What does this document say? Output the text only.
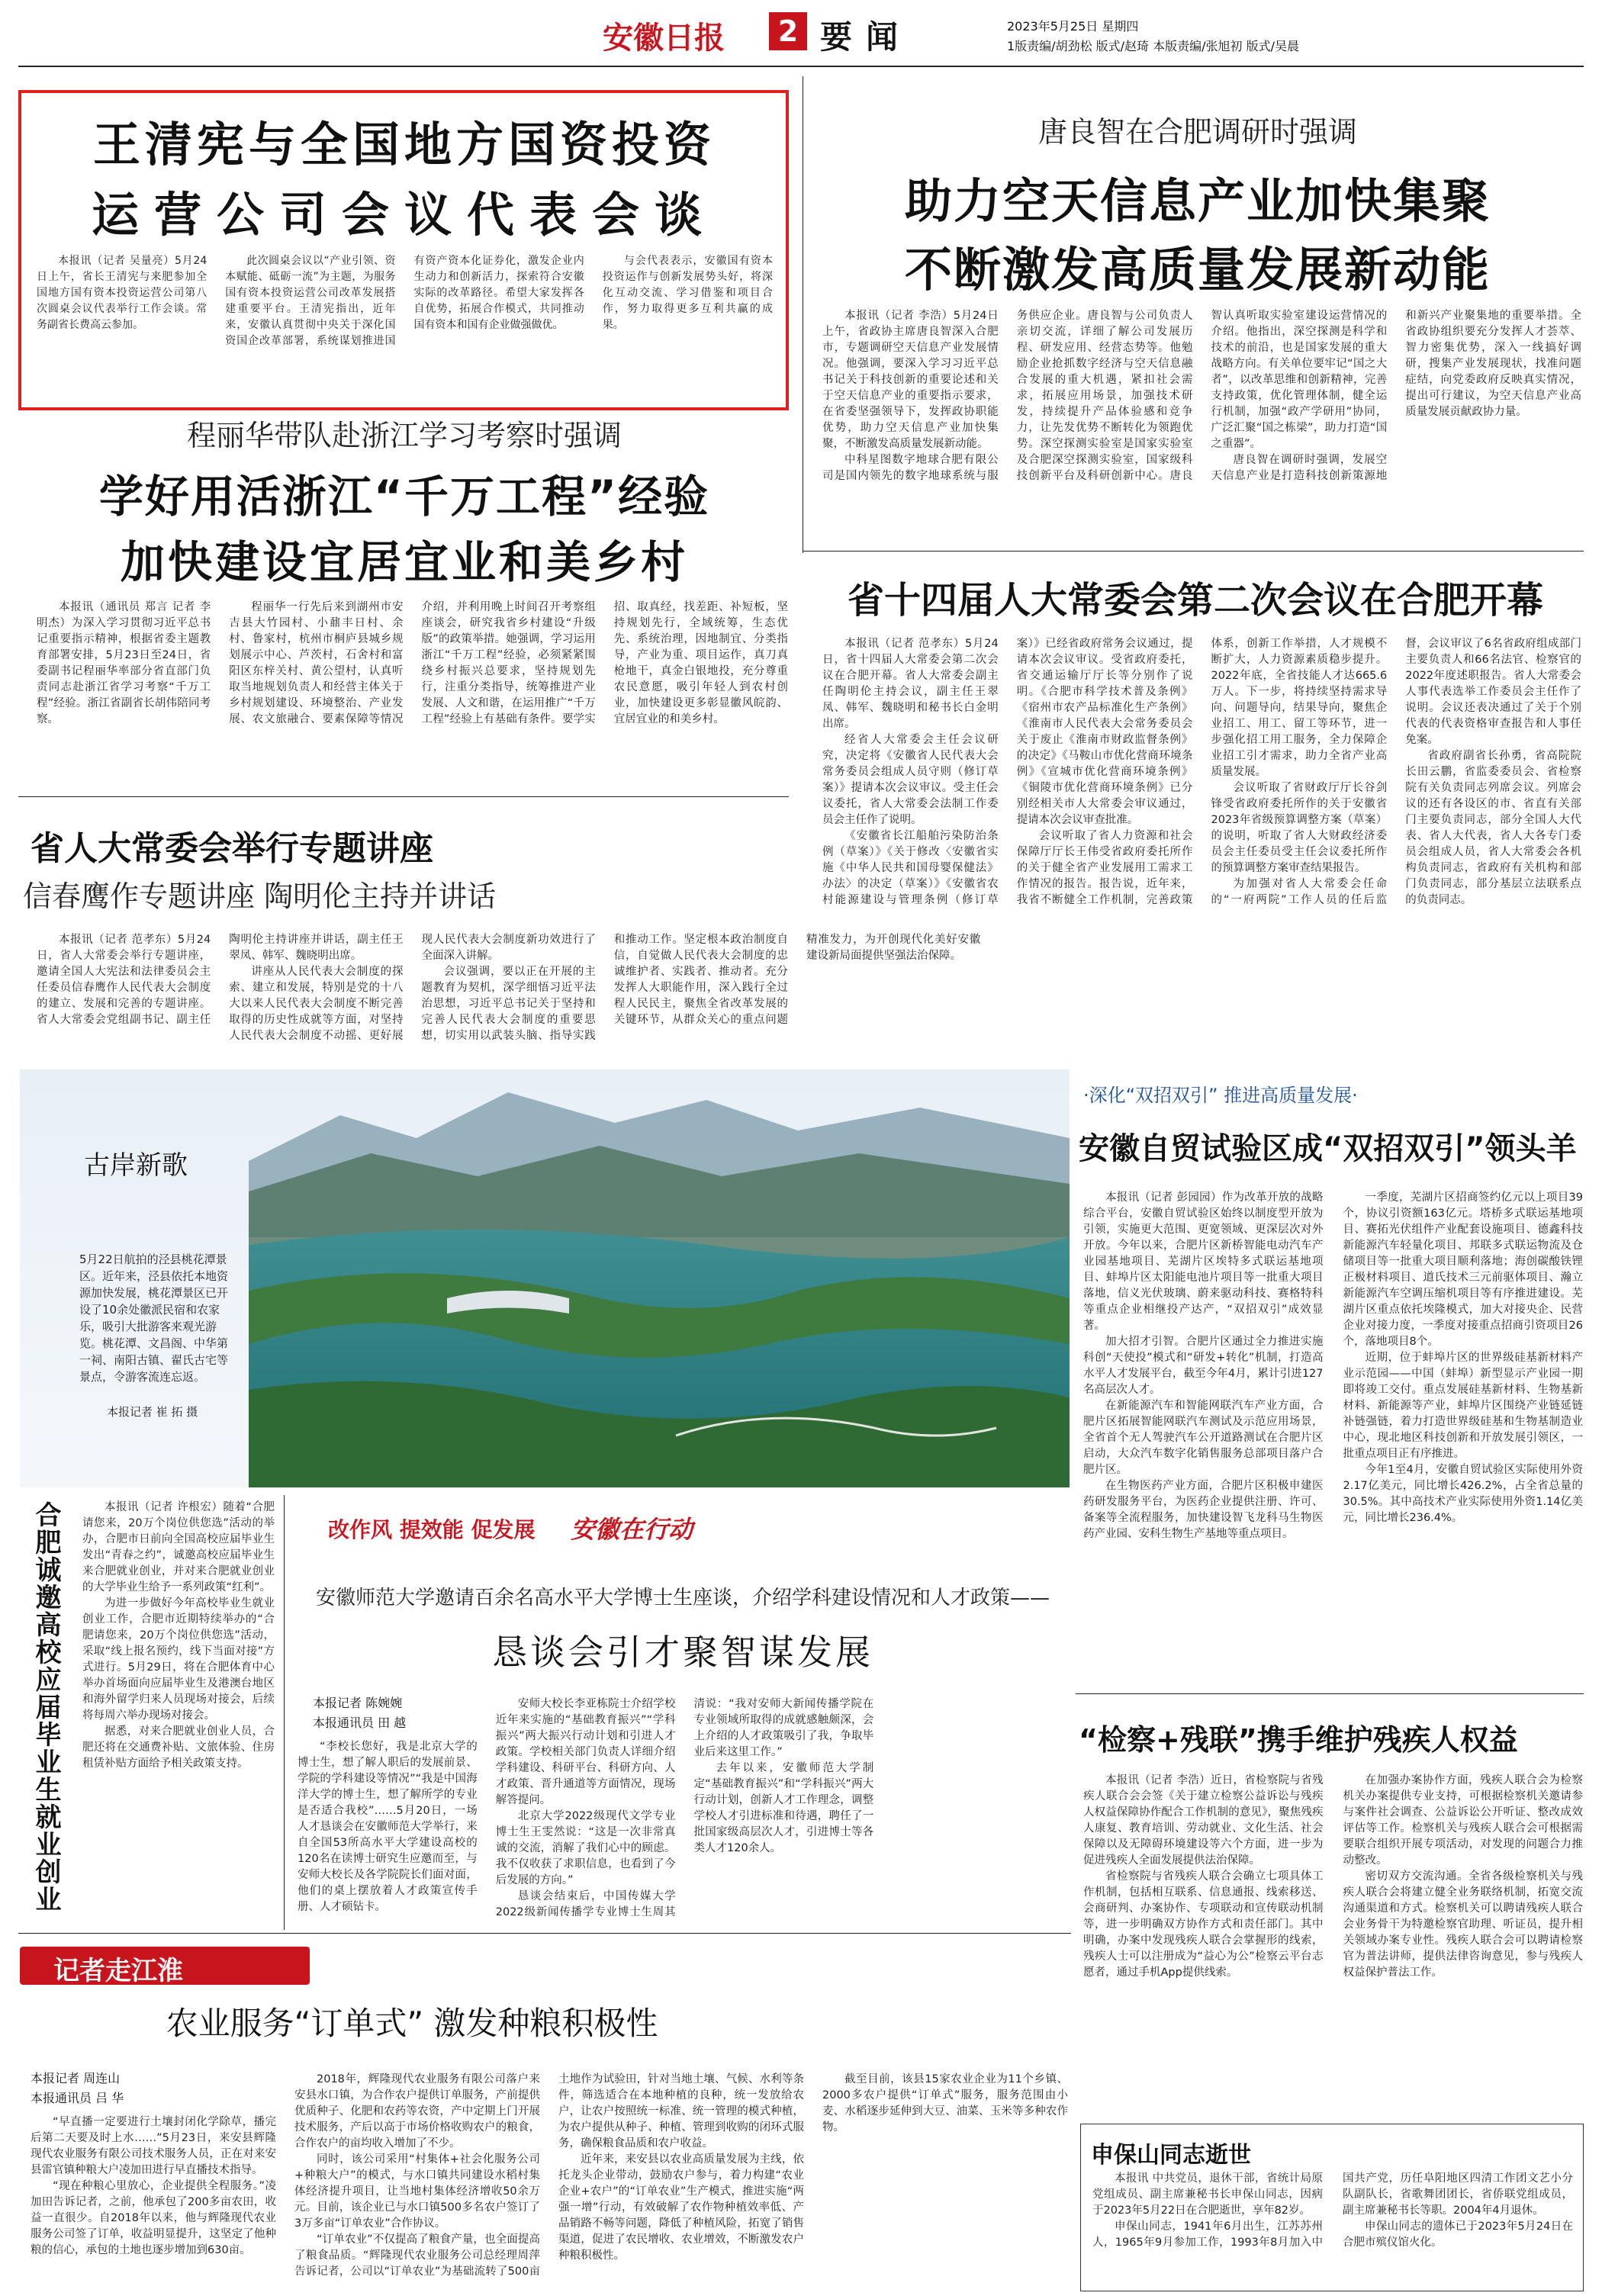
安徽日报	2 要闻	2023年5月25日 星期四
1版责编/胡劲松 版式/赵琦 本版责编/张旭初 版式/吴晨
王清宪与全国地方国资投资
运营公司会议代表会谈

本报讯（记者 吴量亮）5月24日上午，省长王清宪与来肥参加全国地方国有资本投资运营公司第八次圆桌会议代表举行工作会谈。常务副省长费高云参加。

此次圆桌会议以“产业引领、资本赋能、砥砺一流”为主题，为服务国有资本投资运营公司改革发展搭建重要平台。王清宪指出，近年来，安徽认真贯彻中央关于深化国资国企改革部署，系统谋划推进国有资产资本化证券化，激发企业内生动力和创新活力，探索符合安徽实际的改革路径。希望大家发挥各自优势，拓展合作模式，共同推动国有资本和国有企业做强做优。

与会代表表示，安徽国有资本投资运作与创新发展势头好，将深化互动交流、学习借鉴和项目合作，努力取得更多互利共赢的成果。

唐良智在合肥调研时强调
助力空天信息产业加快集聚
不断激发高质量发展新动能

本报讯（记者 李浩）5月24日上午，省政协主席唐良智深入合肥市，专题调研空天信息产业发展情况。他强调，要深入学习习近平总书记关于科技创新的重要论述和关于空天信息产业的重要指示要求，在省委坚强领导下，发挥政协职能优势，助力空天信息产业加快集聚，不断激发高质量发展新动能。

中科星图数字地球合肥有限公司是国内领先的数字地球系统与服务供应企业。唐良智与公司负责人亲切交流，详细了解公司发展历程、研发应用、经营态势等。他勉励企业抢抓数字经济与空天信息融合发展的重大机遇，紧扣社会需求，拓展应用场景，加强技术研发，持续提升产品体验感和竞争力，让先发优势不断转化为领跑优势。深空探测实验室是国家实验室及合肥深空探测实验室，国家级科技创新平台及科研创新中心。唐良智认真听取实验室建设运营情况的介绍。他指出，深空探测是科学和技术的前沿，也是国家发展的重大战略方向。有关单位要牢记“国之大者”，以改革思维和创新精神，完善支持政策，优化管理体制，健全运行机制，加强“政产学研用”协同，广泛汇聚“国之栋梁”，助力打造“国之重器”。

唐良智在调研时强调，发展空天信息产业是打造科技创新策源地和新兴产业聚集地的重要举措。全省政协组织要充分发挥人才荟萃、智力密集优势，深入一线搞好调研，搜集产业发展现状，找准问题症结，向党委政府反映真实情况，提出可行建议，为空天信息产业高质量发展贡献政协力量。

程丽华带队赴浙江学习考察时强调
学好用活浙江“千万工程”经验
加快建设宜居宜业和美乡村

本报讯（通讯员 郑言 记者 李明杰）为深入学习贯彻习近平总书记重要指示精神，根据省委主题教育部署安排，5月23日至24日，省委副书记程丽华率部分省直部门负责同志赴浙江省学习考察“千万工程”经验。浙江省副省长胡伟陪同考察。

程丽华一行先后来到湖州市安吉县大竹园村、小鼐丰日村、余村、鲁家村，杭州市桐庐县城乡规划展示中心、芦茨村，石舍村和富阳区东梓关村、黄公望村，认真听取当地规划负责人和经营主体关于乡村规划建设、环境整治、产业发展、农文旅融合、要素保障等情况介绍，并利用晚上时间召开考察组座谈会，研究我省乡村建设“升级版”的政策举措。她强调，学习运用浙江“千万工程”经验，必须紧紧围绕乡村振兴总要求，坚持规划先行，注重分类指导，统筹推进产业发展、人文和谐，在运用推广“千万工程”经验上有基础有条件。要学实招、取真经，找差距、补短板，坚持规划先行，全域统筹，生态优先、系统治理，因地制宜、分类指导，产业为重、项目运作，真刀真枪地干，真金白银地投，充分尊重农民意愿，吸引年轻人到农村创业，加快建设更多彰显徽风皖韵、宜居宜业的和美乡村。

省十四届人大常委会第二次会议在合肥开幕

本报讯（记者 范孝东）5月24日，省十四届人大常委会第二次会议在合肥开幕。省人大常委会副主任陶明伦主持会议，副主任王翠凤、韩军、魏晓明和秘书长白金明出席。

经省人大常委会主任会议研究，决定将《安徽省人民代表大会常务委员会组成人员守则（修订草案）》提请本次会议审议。受主任会议委托，省人大常委会法制工作委员会主任作了说明。

《安徽省长江船舶污染防治条例（草案）》《关于修改〈安徽省实施《中华人民共和国母婴保健法》办法〉的决定（草案）》《安徽省农村能源建设与管理条例（修订草案）》已经省政府常务会议通过，提请本次会议审议。受省政府委托，省交通运输厅厅长等分别作了说明。《合肥市科学技术普及条例》《宿州市农产品标准化生产条例》《淮南市人民代表大会常务委员会关于废止《淮南市财政监督条例》的决定》《马鞍山市优化营商环境条例》《宣城市优化营商环境条例》《铜陵市优化营商环境条例》已分别经相关市人大常委会审议通过，提请本次会议审查批准。

会议听取了省人力资源和社会保障厅厅长王伟受省政府委托所作的关于健全省产业发展用工需求工作情况的报告。报告说，近年来，我省不断健全工作机制，完善政策体系，创新工作举措，人才规模不断扩大，人力资源素质稳步提升。2022年底，全省技能人才达665.6万人。下一步，将持续坚持需求导向、问题导向，结果导向，聚焦企业招工、用工、留工等环节，进一步强化招工用工服务，全力保障企业招工引才需求，助力全省产业高质量发展。

会议听取了省财政厅厅长谷剑锋受省政府委托所作的关于安徽省2023年省级预算调整方案（草案）的说明，听取了省人大财政经济委员会主任委员受主任会议委托所作的预算调整方案审查结果报告。

为加强对省人大常委会任命的“一府两院”工作人员的任后监督，会议审议了6名省政府组成部门主要负责人和66名法官、检察官的2022年度述职报告。省人大常委会人事代表选举工作委员会主任作了说明。会议还表决通过了关于个别代表的代表资格审查报告和人事任免案。

省政府副省长孙勇，省高院院长田云鹏，省监委委员会、省检察院有关负责同志列席会议。列席会议的还有各设区的市、省直有关部门主要负责同志，部分全国人大代表、省人大代表，省人大各专门委员会组成人员，省人大常委会各机构负责同志，省政府有关机构和部门负责同志，部分基层立法联系点的负责同志。

省人大常委会举行专题讲座
信春鹰作专题讲座 陶明伦主持并讲话

本报讯（记者 范孝东）5月24日，省人大常委会举行专题讲座，邀请全国人大宪法和法律委员会主任委员信春鹰作人民代表大会制度的建立、发展和完善的专题讲座。省人大常委会党组副书记、副主任陶明伦主持讲座并讲话，副主任王翠凤、韩军、魏晓明出席。

讲座从人民代表大会制度的探索、建立和发展，特别是党的十八大以来人民代表大会制度不断完善取得的历史性成就等方面，对坚持人民代表大会制度不动摇、更好展现人民代表大会制度新功效进行了全面深入讲解。

会议强调，要以正在开展的主题教育为契机，深学细悟习近平法治思想，习近平总书记关于坚持和完善人民代表大会制度的重要思想，切实用以武装头脑、指导实践和推动工作。坚定根本政治制度自信，自觉做人民代表大会制度的忠诚维护者、实践者、推动者。充分发挥人大职能作用，深入践行全过程人民民主，聚焦全省改革发展的关键环节，从群众关心的重点问题精准发力，为开创现代化美好安徽建设新局面提供坚强法治保障。

古岸新歌
5月22日航拍的泾县桃花潭景区。近年来，泾县依托本地资源加快发展，桃花潭景区已开设了10余处徽派民宿和农家乐，吸引大批游客来观光游览。桃花潭、文昌阁、中华第一祠、南阳古镇、翟氏古宅等景点，令游客流连忘返。
本报记者 崔 拓 摄
·深化“双招双引” 推进高质量发展·
安徽自贸试验区成“双招双引”领头羊

本报讯（记者 彭园园）作为改革开放的战略综合平台，安徽自贸试验区始终以制度型开放为引领，实施更大范围、更宽领域、更深层次对外开放。今年以来，合肥片区新桥智能电动汽车产业园基地项目、芜湖片区埃特多式联运基地项目、蚌埠片区太阳能电池片项目等一批重大项目落地，信义光伏玻璃、蔚来驱动科技、赛格特科等重点企业相继投产达产，“双招双引”成效显著。

加大招才引智。合肥片区通过全力推进实施科创“天使投”模式和“研发+转化”机制，打造高水平人才发展平台，截至今年4月，累计引进127名高层次人才。

在新能源汽车和智能网联汽车产业方面，合肥片区拓展智能网联汽车测试及示范应用场景，全省首个无人驾驶汽车公开道路测试在合肥片区启动，大众汽车数字化销售服务总部项目落户合肥片区。

在生物医药产业方面，合肥片区积极申建医药研发服务平台，为医药企业提供注册、许可、备案等全流程服务，加快建设智飞龙科马生物医药产业园、安科生物生产基地等重点项目。

一季度，芜湖片区招商签约亿元以上项目39个，协议引资额163亿元。塔桥多式联运基地项目、赛拓光伏组件产业配套设施项目、德鑫科技新能源汽车轻量化项目、邦联多式联运物流及仓储项目等一批重大项目顺利落地；海创碳酸铁锂正极材料项目、道氏技术三元前驱体项目、瀚立新能源汽车空调压缩机项目等有序推进建设。芜湖片区重点依托埃隆模式，加大对接央企、民营企业对接力度，一季度对接重点招商引资项目26个，落地项目8个。

近期，位于蚌埠片区的世界级硅基新材料产业示范园——中国（蚌埠）新型显示产业园一期即将竣工交付。重点发展硅基新材料、生物基新材料、新能源等产业，蚌埠片区围绕产业链延链补链强链，着力打造世界级硅基和生物基制造业中心，现北地区科技创新和开放发展引领区，一批重点项目正有序推进。

今年1至4月，安徽自贸试验区实际使用外资2.17亿美元，同比增长426.2%，占全省总量的30.5%。其中高技术产业实际使用外资1.14亿美元，同比增长236.4%。

合肥诚邀高校应届毕业生就业创业	本报讯（记者 许根宏）随着“合肥请您来，20万个岗位供您选”活动的举办，合肥市日前向全国高校应届毕业生发出“青春之约”，诚邀高校应届毕业生来合肥就业创业，并对来合肥就业创业的大学毕业生给予一系列政策“红利”。

为进一步做好今年高校毕业生就业创业工作，合肥市近期特续举办的“合肥请您来，20万个岗位供您选”活动，采取“线上报名预约，线下当面对接”方式进行。5月29日，将在合肥体育中心举办首场面向应届毕业生及港澳台地区和海外留学归来人员现场对接会，后续将每周六举办现场对接会。

据悉，对来合肥就业创业人员，合肥还将在交通费补贴、文旅体验、住房租赁补贴方面给予相关政策支持。

改作风 提效能 促发展 安徽在行动
安徽师范大学邀请百余名高水平大学博士生座谈，介绍学科建设情况和人才政策——
恳谈会引才聚智谋发展
本报记者 陈婉婉
本报通讯员 田 越

“李校长您好，我是北京大学的博士生，想了解人职后的发展前景、学院的学科建设等情况”“我是中国海洋大学的博士生，想了解所学的专业是否适合我校”……5月20日，一场人才恳谈会在安徽师范大学举行，来自全国53所高水平大学建设高校的120名在读博士研究生应邀而至，与安师大校长及各学院院长们面对面，他们的桌上摆放着人才政策宣传手册、人才硕钻卡。

安师大校长李亚栋院士介绍学校近年来实施的“基础教育振兴”“学科振兴”两大振兴行动计划和引进人才政策。学校相关部门负责人详细介绍学科建设、科研平台、科研方向、人才政策、晋升通道等方面情况，现场解答提问。

北京大学2022级现代文学专业博士生王雯然说：“这是一次非常真诚的交流，消解了我们心中的顾虑。我不仅收获了求职信息，也看到了今后发展的方向。”

恳谈会结束后，中国传媒大学2022级新闻传播学专业博士生周其清说：“我对安师大新闻传播学院在专业领域所取得的成就感触颇深，会上介绍的人才政策吸引了我，争取毕业后来这里工作。”

去年以来，安徽师范大学制定“基础教育振兴”和“学科振兴”两大行动计划，创新人才工作理念，调整学校人才引进标准和待遇，聘任了一批国家级高层次人才，引进博士等各类人才120余人。

“检察+残联”携手维护残疾人权益

本报讯（记者 李浩）近日，省检察院与省残疾人联合会会签《关于建立检察公益诉讼与残疾人权益保障协作配合工作机制的意见》，聚焦残疾人康复、教育培训、劳动就业、文化生活、社会保障以及无障碍环境建设等六个方面，进一步为促进残疾人全面发展提供法治保障。

省检察院与省残疾人联合会确立七项具体工作机制，包括相互联系、信息通报、线索移送、会商研判、办案协作、专项联动和宣传联动机制等，进一步明确双方协作方式和责任部门。其中明确，办案中发现残疾人联合会掌握形的线索，残疾人士可以注册成为“益心为公”检察云平台志愿者，通过手机App提供线索。

在加强办案协作方面，残疾人联合会为检察机关办案提供专业支持，可根据检察机关邀请参与案件社会调查、公益诉讼公开听证、整改成效评估等工作。检察机关与残疾人联合会可根据需要联合组织开展专项活动，对发现的问题合力推动整改。

密切双方交流沟通。全省各级检察机关与残疾人联合会将建立健全业务联络机制，拓宽交流沟通渠道和方式。检察机关可以聘请残疾人联合会业务骨干为特邀检察官助理、听证员，提升相关领域办案专业性。残疾人联合会可以聘请检察官为普法讲师，提供法律咨询意见，参与残疾人权益保护普法工作。

记者走江淮
农业服务“订单式” 激发种粮积极性
本报记者 周连山
本报通讯员 吕 华

“早直播一定要进行土壤封闭化学除草，播完后第二天要及时上水……”5月23日，来安县辉隆现代农业服务有限公司技术服务人员，正在对来安县雷官镇种粮大户凌加田进行早直播技术指导。

“现在种粮心里放心，企业提供全程服务。”凌加田告诉记者，之前，他承包了200多亩农田，收益一直很少。自2018年以来，他与辉隆现代农业服务公司签了订单，收益明显提升，这坚定了他种粮的信心，承包的土地也逐步增加到630亩。

2018年，辉隆现代农业服务有限公司落户来安县水口镇，为合作农户提供订单服务，产前提供优质种子、化肥和农药等农资，产中定期上门开展技术服务，产后以高于市场价格收购农户的粮食，合作农户的亩均收入增加了不少。

同时，该公司采用“村集体+社会化服务公司+种粮大户”的模式，与水口镇共同建设水稻村集体经济提升项目，让当地村集体经济增收50余万元。目前，该企业已与水口镇500多名农户签订了3万多亩“订单农业”合作协议。

“订单农业”不仅提高了粮食产量，也全面提高了粮食品质。“辉隆现代农业服务公司总经理周萍告诉记者，公司以“订单农业”为基础流转了500亩土地作为试验田，针对当地土壤、气候、水利等条件，筛选适合在本地种植的良种，统一发放给农户，让农户按照统一标准、统一管理的模式种植，为农户提供从种子、种植、管理到收购的闭环式服务，确保粮食品质和农户收益。

近年来，来安县以农业高质量发展为主线，依托龙头企业带动，鼓励农户参与，着力构建“农业企业+农户”的“订单农业”生产模式，推进实施“两强一增”行动，有效破解了农作物种植效率低、产品销路不畅等问题，降低了种植风险，拓宽了销售渠道，促进了农民增收、农业增效，不断激发农户种粮积极性。

截至目前，该县15家农业企业为11个乡镇、2000多农户提供“订单式”服务，服务范围由小麦、水稻逐步延伸到大豆、油菜、玉米等多种农作物。

申保山同志逝世

本报讯 中共党员，退休干部，省统计局原党组成员、副主席兼秘书长申保山同志，因病于2023年5月22日在合肥逝世，享年82岁。

申保山同志，1941年6月出生，江苏苏州人，1965年9月参加工作，1993年8月加入中国共产党，历任阜阳地区四清工作团文艺小分队副队长，省歌舞团团长，省侨联党组成员，副主席兼秘书长等职。2004年4月退休。

申保山同志的遗体已于2023年5月24日在合肥市殡仪馆火化。
